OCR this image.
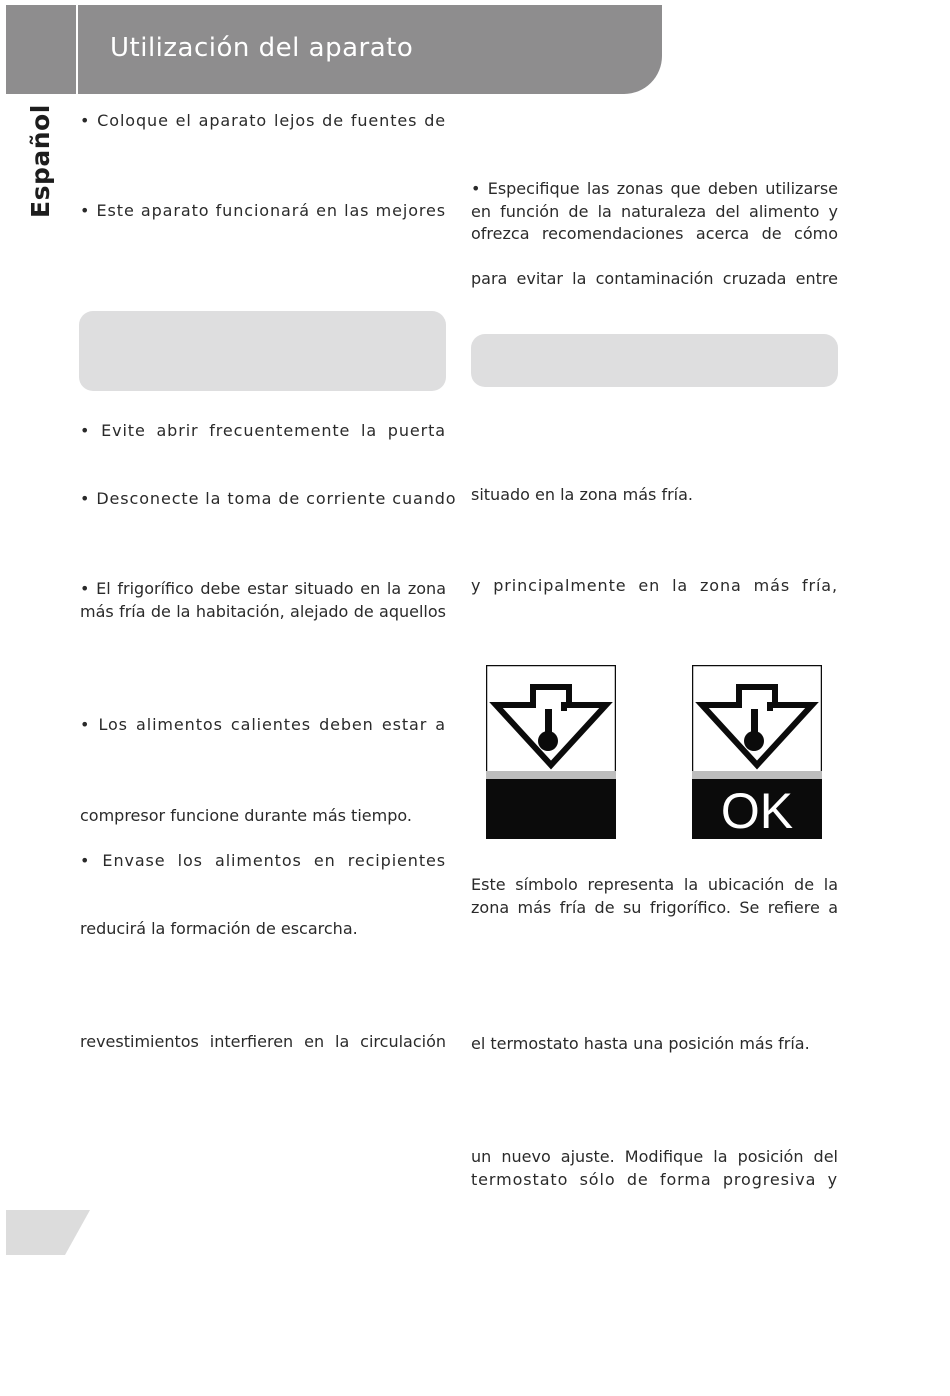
Utilización del aparato
Español • Coloque el aparato lejos de fuentes de
• Este aparato funcionará en las mejores
• Evite abrir frecuentemente la puerta
• Desconecte la toma de corriente cuando
• El frigorífico debe estar situado en la zona
más fría de la habitación, alejado de aquellos
• Los alimentos calientes deben estar a
compresor funcione durante más tiempo.
• Envase los alimentos en recipientes
reducirá la formación de escarcha.
revestimientos interfieren en la circulación
• Especifique las zonas que deben utilizarse
en función de la naturaleza del alimento y
ofrezca recomendaciones acerca de cómo
para evitar la contaminación cruzada entre
situado en la zona más fría.
y principalmente en la zona más fría,
OK
Este símbolo representa la ubicación de la
zona más fría de su frigorífico. Se refiere a
el termostato hasta una posición más fría.
un nuevo ajuste. Modifique la posición del
termostato sólo de forma progresiva y
